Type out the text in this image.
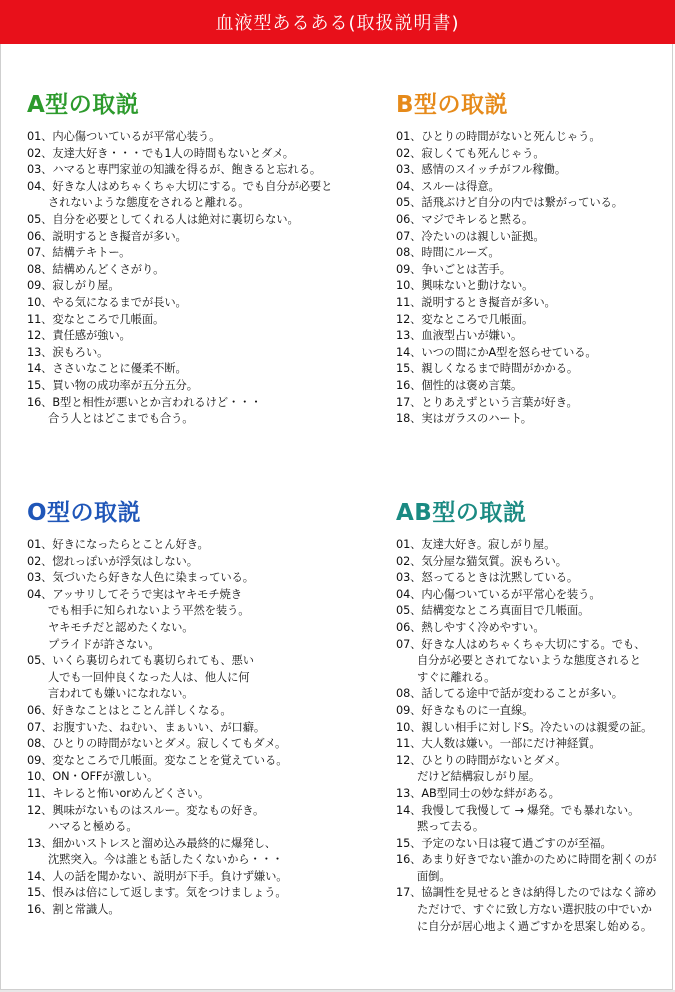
血液型あるある(取扱説明書)
A型の取説
01、内心傷ついているが平常心装う。
02、友達大好き・・・でも1人の時間もないとダメ。
03、ハマると専門家並の知識を得るが、飽きると忘れる。
04、好きな人はめちゃくちゃ大切にする。でも自分が必要と
されないような態度をされると離れる。
05、自分を必要としてくれる人は絶対に裏切らない。
06、説明するとき擬音が多い。
07、結構テキトー。
08、結構めんどくさがり。
09、寂しがり屋。
10、やる気になるまでが長い。
11、変なところで几帳面。
12、責任感が強い。
13、涙もろい。
14、ささいなことに優柔不断。
15、買い物の成功率が五分五分。
16、B型と相性が悪いとか言われるけど・・・
合う人とはどこまでも合う。
B型の取説
01、ひとりの時間がないと死んじゃう。
02、寂しくても死んじゃう。
03、感情のスイッチがフル稼働。
04、スルーは得意。
05、話飛ぶけど自分の内では繋がっている。
06、マジでキレると黙る。
07、冷たいのは親しい証拠。
08、時間にルーズ。
09、争いごとは苦手。
10、興味ないと動けない。
11、説明するとき擬音が多い。
12、変なところで几帳面。
13、血液型占いが嫌い。
14、いつの間にかA型を怒らせている。
15、親しくなるまで時間がかかる。
16、個性的は褒め言葉。
17、とりあえずという言葉が好き。
18、実はガラスのハート。
O型の取説
01、好きになったらとことん好き。
02、惚れっぽいが浮気はしない。
03、気づいたら好きな人色に染まっている。
04、アッサリしてそうで実はヤキモチ焼き
でも相手に知られないよう平然を装う。
ヤキモチだと認めたくない。
プライドが許さない。
05、いくら裏切られても裏切られても、悪い
人でも一回仲良くなった人は、他人に何
言われても嫌いになれない。
06、好きなことはとことん詳しくなる。
07、お腹すいた、ねむい、まぁいい、が口癖。
08、ひとりの時間がないとダメ。寂しくてもダメ。
09、変なところで几帳面。変なことを覚えている。
10、ON・OFFが激しい。
11、キレると怖いorめんどくさい。
12、興味がないものはスルー。変なもの好き。
ハマると極める。
13、細かいストレスと溜め込み最終的に爆発し、
沈黙突入。今は誰とも話したくないから・・・
14、人の話を聞かない、説明が下手。負けず嫌い。
15、恨みは倍にして返します。気をつけましょう。
16、割と常識人。
AB型の取説
01、友達大好き。寂しがり屋。
02、気分屋な猫気質。涙もろい。
03、怒ってるときは沈黙している。
04、内心傷ついているが平常心を装う。
05、結構変なところ真面目で几帳面。
06、熱しやすく冷めやすい。
07、好きな人はめちゃくちゃ大切にする。でも、
自分が必要とされてないような態度されると
すぐに離れる。
08、話してる途中で話が変わることが多い。
09、好きなものに一直線。
10、親しい相手に対しドS。冷たいのは親愛の証。
11、大人数は嫌い。一部にだけ神経質。
12、ひとりの時間がないとダメ。
だけど結構寂しがり屋。
13、AB型同士の妙な絆がある。
14、我慢して我慢して → 爆発。でも暴れない。
黙って去る。
15、予定のない日は寝て過ごすのが至福。
16、あまり好きでない誰かのために時間を割くのが
面倒。
17、協調性を見せるときは納得したのではなく諦め
ただけで、すぐに致し方ない選択肢の中でいか
に自分が居心地よく過ごすかを思案し始める。
